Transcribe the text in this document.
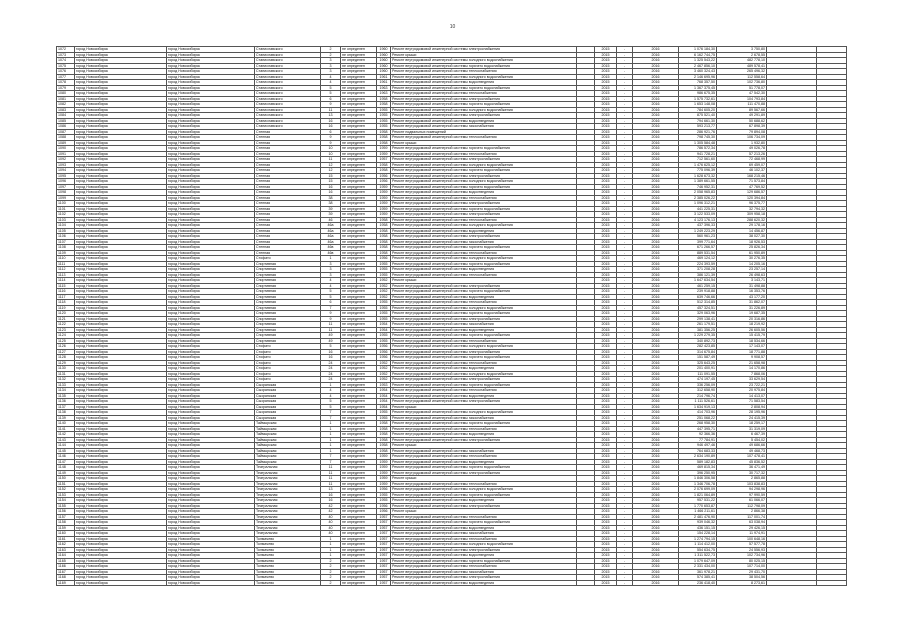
10
1072	город Новосибирск	город Новосибирск	Станиславского	2	не определен	1960	Ремонт внутридомовой инженерной системы электроснабжения		2015	-	2016	1 076 184,30	3 750,80		
1073	город Новосибирск	город Новосибирск	Станиславского	2	не определен	1960	Ремонт крыши		2015	-	2016	6 162 744,75	2 678,55		
1074	город Новосибирск	город Новосибирск	Станиславского	3	не определен	1960	Ремонт внутридомовой инженерной системы холодного водоснабжения		2015	-	2016	1 325 543,22	482 778,10		
1075	город Новосибирск	город Новосибирск	Станиславского	3	не определен	1960	Ремонт внутридомовой инженерной системы горячего водоснабжения		2015	-	2016	2 467 856,10	489 578,41		
1076	город Новосибирск	город Новосибирск	Станиславского	3	не определен	1960	Ремонт внутридомовой инженерной системы теплоснабжения		2015	-	2016	3 460 324,43	265 496,32		
1077	город Новосибирск	город Новосибирск	Станиславского	4	не определен	1961	Ремонт внутридомовой инженерной системы холодного водоснабжения		2015	-	2016	2 146 695,96	112 558,64		
1078	город Новосибирск	город Новосибирск	Станиславского	4	не определен	1961	Ремонт внутридомовой инженерной системы водоотведения		2015	-	2016	768 357,50	102 736,80		
1079	город Новосибирск	город Новосибирск	Станиславского	5	не определен	1963	Ремонт внутридомовой инженерной системы горячего водоснабжения		2015	-	2016	1 367 375,45	51 778,07		
1080	город Новосибирск	город Новосибирск	Станиславского	5	не определен	1963	Ремонт внутридомовой инженерной системы теплоснабжения		2015	-	2016	986 675,35	47 542,30		
1081	город Новосибирск	город Новосибирск	Станиславского	6	не определен	1958	Ремонт внутридомовой инженерной системы электроснабжения		2015	-	2016	1 575 732,61	104 793,84		
1082	город Новосибирск	город Новосибирск	Станиславского	9	не определен	1958	Ремонт внутридомовой инженерной системы горячего водоснабжения		2015	-	2016	1 653 148,08	111 470,88		
1083	город Новосибирск	город Новосибирск	Станиславского	11	не определен	1955	Ремонт внутридомовой инженерной системы холодного водоснабжения		2015	-	2016	784 605,20	89 567,66		
1084	город Новосибирск	город Новосибирск	Станиславского	13	не определен	1955	Ремонт внутридомовой инженерной системы электроснабжения		2015	-	2016	875 521,40	49 291,89		
1085	город Новосибирск	город Новосибирск	Станиславского	16	не определен	1955	Ремонт внутридомовой инженерной системы водоотведения		2015	-	2016	794 661,30	50 688,62		
1086	город Новосибирск	город Новосибирск	Станиславского	16	не определен	1955	Ремонт внутридомовой инженерной системы газоснабжения		2015	-	2016	593 213,77	67 898,39		
1087	город Новосибирск	город Новосибирск	Степная	6	не определен	1958	Ремонт подвальных помещений		2015	-	2016	286 921,76	79 894,08		
1088	город Новосибирск	город Новосибирск	Степная	9	не определен	1958	Ремонт внутридомовой инженерной системы теплоснабжения		2015	-	2016	798 745,30	106 734,09		
1089	город Новосибирск	город Новосибирск	Степная	9	не определен	1958	Ремонт крыши		2015	-	2016	1 305 584,48	1 932,80		
1090	город Новосибирск	город Новосибирск	Степная	10	не определен	1959	Ремонт внутридомовой инженерной системы горячего водоснабжения		2015	-	2016	786 572,34	49 026,78		
1091	город Новосибирск	город Новосибирск	Степная	10	не определен	1959	Ремонт внутридомовой инженерной системы теплоснабжения		2015	-	2016	941 728,21	57 213,26		
1092	город Новосибирск	город Новосибирск	Степная	11	не определен	1957	Ремонт внутридомовой инженерной системы электроснабжения		2015	-	2016	712 561,60	72 468,99		
1093	город Новосибирск	город Новосибирск	Степная	12	не определен	1958	Ремонт внутридомовой инженерной системы холодного водоснабжения		2015	-	2016	1 476 625,12	69 459,07		
1094	город Новосибирск	город Новосибирск	Степная	12	не определен	1958	Ремонт внутридомовой инженерной системы горячего водоснабжения		2015	-	2016	775 096,39	46 102,37		
1095	город Новосибирск	город Новосибирск	Степная	15	не определен	1956	Ремонт внутридомовой инженерной системы электроснабжения		2015	-	2016	1 628 673,32	168 215,46		
1096	город Новосибирск	город Новосибирск	Степная	15	не определен	1956	Ремонт внутридомовой инженерной системы холодного водоснабжения		2015	-	2016	1 389 661,55	71 573,84		
1097	город Новосибирск	город Новосибирск	Степная	16	не определен	1959	Ремонт внутридомовой инженерной системы горячего водоснабжения		2015	-	2016	746 952,31	47 769,52		
1098	город Новосибирск	город Новосибирск	Степная	16	не определен	1959	Ремонт внутридомовой инженерной системы водоотведения		2015	-	2016	2 058 965,83	129 686,57		
1099	город Новосибирск	город Новосибирск	Степная	38	не определен	1959	Ремонт внутридомовой инженерной системы теплоснабжения		2015	-	2016	2 385 026,22	120 394,84		
1100	город Новосибирск	город Новосибирск	Степная	38	не определен	1959	Ремонт внутридомовой инженерной системы электроснабжения		2015	-	2016	1 096 312,21	96 375,77		
1101	город Новосибирск	город Новосибирск	Степная	39	не определен	1959	Ремонт внутридомовой инженерной системы горячего водоснабжения		2015	-	2016	441 225,31	32 794,32		
1102	город Новосибирск	город Новосибирск	Степная	39	не определен	1959	Ремонт внутридомовой инженерной системы электроснабжения		2015	-	2016	3 122 533,09	309 958,18		
1103	город Новосибирск	город Новосибирск	Степная	46	не определен	1958	Ремонт внутридомовой инженерной системы теплоснабжения		2015	-	2016	4 123 176,13	288 620,32		
1104	город Новосибирск	город Новосибирск	Степная	46а	не определен	1958	Ремонт внутридомовой инженерной системы холодного водоснабжения		2015	-	2016	437 396,33	29 178,16		
1105	город Новосибирск	город Новосибирск	Степная	46а	не определен	1958	Ремонт внутридомовой инженерной системы водоотведения		2015	-	2016	1 249 223,29	14 456,87		
1106	город Новосибирск	город Новосибирск	Степная	46а	не определен	1958	Ремонт внутридомовой инженерной системы электроснабжения		2015	-	2016	560 961,23	38 027,30		
1107	город Новосибирск	город Новосибирск	Степная	46а	не определен	1958	Ремонт внутридомовой инженерной системы газоснабжения		2015	-	2016	399 771,64	18 926,53		
1108	город Новосибирск	город Новосибирск	Степная	46в	не определен	1958	Ремонт внутридомовой инженерной системы горячего водоснабжения		2015	-	2016	671 266,57	25 826,34		
1109	город Новосибирск	город Новосибирск	Степная	46в	не определен	1958	Ремонт внутридомовой инженерной системы теплоснабжения		2015	-	2016	889 531,54	61 950,89		
1110	город Новосибирск	город Новосибирск	Стофато	1	не определен	1956	Ремонт внутридомовой инженерной системы холодного водоснабжения		2015	-	2016	469 124,12	30 276,35		
1111	город Новосибирск	город Новосибирск	Спортивная	3	не определен	1955	Ремонт внутридомовой инженерной системы горячего водоснабжения		2015	-	2016	224 393,59	14 205,16		
1112	город Новосибирск	город Новосибирск	Спортивная	3	не определен	1955	Ремонт внутридомовой инженерной системы водоотведения		2015	-	2016	371 208,28	23 257,14		
1113	город Новосибирск	город Новосибирск	Спортивная	3	не определен	1955	Ремонт внутридомовой инженерной системы теплоснабжения		2015	-	2016	386 121,39	26 498,63		
1114	город Новосибирск	город Новосибирск	Спортивная	4	не определен	1952	Ремонт крыши		2015	-	2016	1 647 634,54	3 143,71		
1115	город Новосибирск	город Новосибирск	Спортивная	4	не определен	1952	Ремонт внутридомовой инженерной системы электроснабжения		2015	-	2016	461 259,15	31 498,88		
1116	город Новосибирск	город Новосибирск	Спортивная	5	не определен	1952	Ремонт внутридомовой инженерной системы горячего водоснабжения		2015	-	2016	239 918,88	16 353,76		
1117	город Новосибирск	город Новосибирск	Спортивная	5	не определен	1952	Ремонт внутридомовой инженерной системы водоотведения		2015	-	2016	639 746,66	43 177,20		
1118	город Новосибирск	город Новосибирск	Спортивная	6	не определен	1955	Ремонт внутридомовой инженерной системы теплоснабжения		2015	-	2016	512 314,85	31 862,07		
1119	город Новосибирск	город Новосибирск	Спортивная	7	не определен	1955	Ремонт внутридомовой инженерной системы холодного водоснабжения		2015	-	2016	457 324,51	31 226,89		
1120	город Новосибирск	город Новосибирск	Спортивная	9	не определен	1955	Ремонт внутридомовой инженерной системы горячего водоснабжения		2015	-	2016	329 063,96	19 687,35		
1121	город Новосибирск	город Новосибирск	Спортивная	9	не определен	1955	Ремонт внутридомовой инженерной системы электроснабжения		2015	-	2016	299 138,41	20 316,86		
1122	город Новосибирск	город Новосибирск	Спортивная	11	не определен	1954	Ремонт внутридомовой инженерной системы газоснабжения		2015	-	2016	261 179,51	18 219,92		
1123	город Новосибирск	город Новосибирск	Спортивная	11	не определен	1954	Ремонт внутридомовой инженерной системы водоотведения		2015	-	2016	381 356,25	26 605,56		
1124	город Новосибирск	город Новосибирск	Спортивная	49	не определен	1955	Ремонт внутридомовой инженерной системы горячего водоснабжения		2015	-	2016	1 229 279,35	15 415,79		
1125	город Новосибирск	город Новосибирск	Спортивная	49	не определен	1955	Ремонт внутридомовой инженерной системы теплоснабжения		2015	-	2016	340 892,73	18 534,66		
1126	город Новосибирск	город Новосибирск	Стофато	5	не определен	1956	Ремонт внутридомовой инженерной системы холодного водоснабжения		2015	-	2016	282 423,85	17 143,07		
1127	город Новосибирск	город Новосибирск	Стофато	16	не определен	1956	Ремонт внутридомовой инженерной системы электроснабжения		2015	-	2016	314 675,84	18 771,88		
1128	город Новосибирск	город Новосибирск	Стофато	16	не определен	1956	Ремонт внутридомовой инженерной системы горячего водоснабжения		2015	-	2016	151 587,49	9 908,57		
1129	город Новосибирск	город Новосибирск	Стофато	24	не определен	1952	Ремонт внутридомовой инженерной системы теплоснабжения		2015	-	2016	325 643,25	21 658,98		
1130	город Новосибирск	город Новосибирск	Стофато	24	не определен	1952	Ремонт внутридомовой инженерной системы водоотведения		2015	-	2016	201 400,91	14 170,86		
1131	город Новосибирск	город Новосибирск	Стофато	24	не определен	1952	Ремонт внутридомовой инженерной системы холодного водоснабжения		2015	-	2016	111 091,55	7 868,06		
1132	город Новосибирск	город Новосибирск	Стофато	24	не определен	1952	Ремонт внутридомовой инженерной системы электроснабжения		2015	-	2016	474 197,45	33 629,54		
1133	город Новосибирск	город Новосибирск	Сызранская	1	не определен	1953	Ремонт внутридомовой инженерной системы горячего водоснабжения		2015	-	2016	336 256,09	23 722,21		
1134	город Новосибирск	город Новосибирск	Сызранская	4	не определен	1954	Ремонт внутридомовой инженерной системы теплоснабжения		2015	-	2016	312 658,90	20 975,84		
1135	город Новосибирск	город Новосибирск	Сызранская	4	не определен	1954	Ремонт внутридомовой инженерной системы водоотведения		2015	-	2016	214 796,74	14 413,07		
1136	город Новосибирск	город Новосибирск	Сызранская	5	не определен	1954	Ремонт внутридомовой инженерной системы электроснабжения		2015	-	2016	1 111 526,61	71 583,54		
1137	город Новосибирск	город Новосибирск	Сызранская	5	не определен	1954	Ремонт крыши		2015	-	2016	1 634 919,13	2 808,94		
1138	город Новосибирск	город Новосибирск	Сызранская	7	не определен	1955	Ремонт внутридомовой инженерной системы холодного водоснабжения		2015	-	2016	414 703,96	28 195,96		
1139	город Новосибирск	город Новосибирск	Сызранская	7	не определен	1955	Ремонт внутридомовой инженерной системы газоснабжения		2015	-	2016	251 068,22	24 415,39		
1140	город Новосибирск	город Новосибирск	Таймырская	1	не определен	1958	Ремонт внутридомовой инженерной системы горячего водоснабжения		2015	-	2016	268 958,30	18 259,17		
1141	город Новосибирск	город Новосибирск	Таймырская	1	не определен	1958	Ремонт внутридомовой инженерной системы теплоснабжения		2015	-	2016	447 395,71	31 319,09		
1142	город Новосибирск	город Новосибирск	Таймырская	1	не определен	1958	Ремонт внутридомовой инженерной системы водоотведения		2015	-	2016	92 366,36	6 467,39		
1143	город Новосибирск	город Новосибирск	Таймырская	1	не определен	1958	Ремонт внутридомовой инженерной системы электроснабжения		2015	-	2016	77 784,91	5 454,02		
1144	город Новосибирск	город Новосибирск	Таймырская	1	не определен	1958	Ремонт крыши		2015	-	2016	946 497,46	49 686,66		
1145	город Новосибирск	город Новосибирск	Таймырская	1	не определен	1958	Ремонт внутридомовой инженерной системы газоснабжения		2015	-	2016	764 683,33	49 468,73		
1146	город Новосибирск	город Новосибирск	Таймырская	7	не определен	1959	Ремонт внутридомовой инженерной системы теплоснабжения		2015	-	2016	2 634 190,89	107 478,41		
1147	город Новосибирск	город Новосибирск	Таймырская	7	не определен	1959	Ремонт внутридомовой инженерной системы водоотведения		2015	-	2016	589 182,83	45 836,52		
1148	город Новосибирск	город Новосибирск	Театральная	11	не определен	1959	Ремонт внутридомовой инженерной системы горячего водоснабжения		2015	-	2016	469 815,34	36 471,49		
1149	город Новосибирск	город Новосибирск	Театральная	11	не определен	1959	Ремонт внутридомовой инженерной системы электроснабжения		2015	-	2016	396 250,95	30 717,32		
1150	город Новосибирск	город Новосибирск	Театральная	11	не определен	1959	Ремонт крыши		2015	-	2016	1 846 306,58	2 865,88		
1151	город Новосибирск	город Новосибирск	Театральная	11	не определен	1959	Ремонт внутридомовой инженерной системы теплоснабжения		2015	-	2016	1 346 706,78	103 838,83		
1152	город Новосибирск	город Новосибирск	Театральная	13	не определен	1956	Ремонт внутридомовой инженерной системы холодного водоснабжения		2015	-	2016	2 076 699,09	94 298,96		
1153	город Новосибирск	город Новосибирск	Театральная	16	не определен	1955	Ремонт внутридомовой инженерной системы горячего водоснабжения		2015	-	2016	1 821 064,89	97 990,59		
1154	город Новосибирск	город Новосибирск	Театральная	16	не определен	1955	Ремонт внутридомовой инженерной системы водоотведения		2015	-	2016	957 531,22	61 066,07		
1155	город Новосибирск	город Новосибирск	Театральная	42	не определен	1956	Ремонт внутридомовой инженерной системы электроснабжения		2015	-	2016	1 770 653,87	112 798,09		
1156	город Новосибирск	город Новосибирск	Театральная	42	не определен	1956	Ремонт крыши		2015	-	2016	1 466 211,61	2 866,38		
1157	город Новосибирск	город Новосибирск	Театральная	40	не определен	1957	Ремонт внутридомовой инженерной системы теплоснабжения		2015	-	2016	2 481 476,90	117 001,74		
1158	город Новосибирск	город Новосибирск	Театральная	40	не определен	1957	Ремонт внутридомовой инженерной системы горячего водоснабжения		2015	-	2016	939 046,32	63 038,94		
1159	город Новосибирск	город Новосибирск	Театральная	40	не определен	1957	Ремонт внутридомовой инженерной системы водоотведения		2015	-	2016	436 151,15	29 426,15		
1160	город Новосибирск	город Новосибирск	Театральная	40	не определен	1957	Ремонт внутридомовой инженерной системы газоснабжения		2015	-	2016	154 228,14	11 974,91		
1161	город Новосибирск	город Новосибирск	Толмачево	1	не определен	1957	Ремонт внутридомовой инженерной системы теплоснабжения		2015	-	2016	1 274 794,15	100 648,16		
1162	город Новосибирск	город Новосибирск	Толмачево	1	не определен	1957	Ремонт внутридомовой инженерной системы холодного водоснабжения		2015	-	2016	1 114 412,00	57 577,78		
1163	город Новосибирск	город Новосибирск	Толмачево	1	не определен	1957	Ремонт внутридомовой инженерной системы электроснабжения		2015	-	2016	554 634,75	24 556,93		
1164	город Новосибирск	город Новосибирск	Толмачево	1	не определен	1957	Ремонт внутридомовой инженерной системы водоотведения		2015	-	2016	1 311 522,73	102 734,96		
1165	город Новосибирск	город Новосибирск	Толмачево	2	не определен	1957	Ремонт внутридомовой инженерной системы горячего водоснабжения		2015	-	2016	1 079 647,09	80 025,15		
1166	город Новосибирск	город Новосибирск	Толмачево	2	не определен	1957	Ремонт внутридомовой инженерной системы теплоснабжения		2015	-	2016	2 331 434,00	107 714,00		
1167	город Новосибирск	город Новосибирск	Толмачево	2	не определен	1957	Ремонт внутридомовой инженерной системы газоснабжения		2015	-	2016	361 978,21	29 431,70		
1168	город Новосибирск	город Новосибирск	Толмачево	2	не определен	1957	Ремонт внутридомовой инженерной системы электроснабжения		2015	-	2016	574 385,41	38 504,56		
1169	город Новосибирск	город Новосибирск	Толмачево	2	не определен	1957	Ремонт внутридомовой инженерной системы водоотведения		2015	-	2016	236 418,40	8 273,61		
